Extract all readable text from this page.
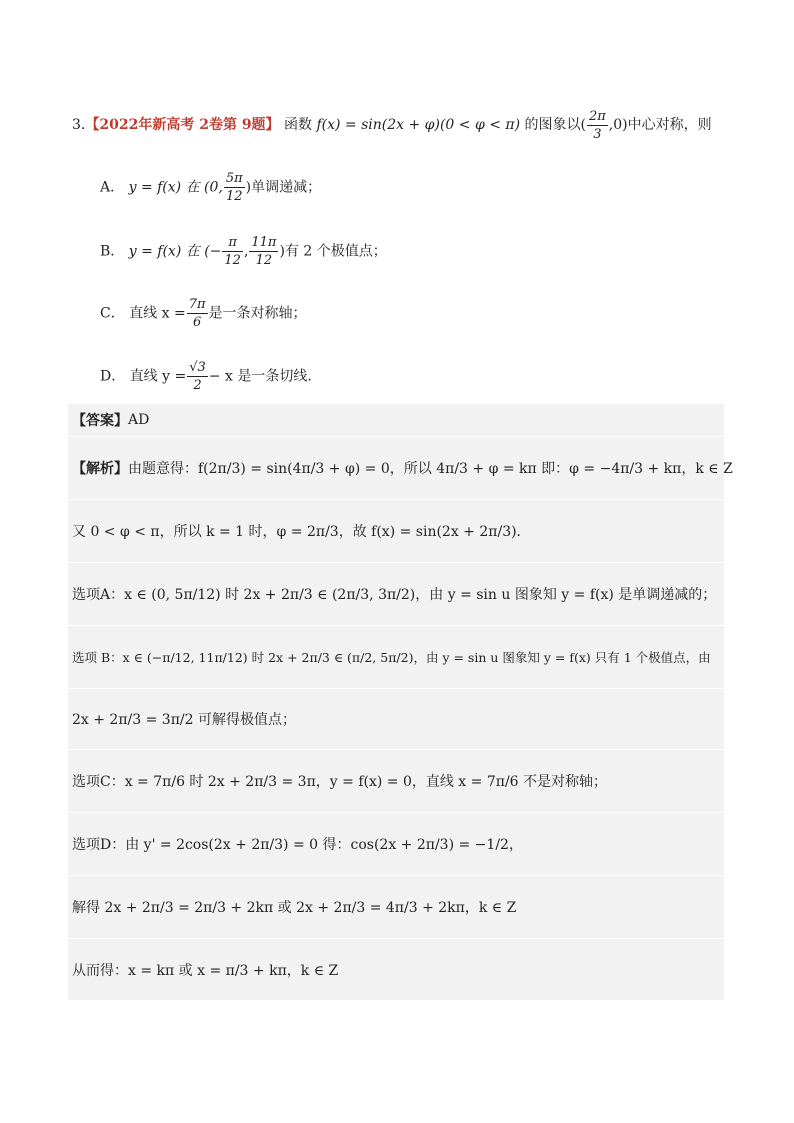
3.【2022年新高考 2卷第 9题】 函数 f(x) = sin(2x + φ)(0 < φ < π) 的图象以( $\frac{2\pi}{3} ,0$)中心对称，则
A． y = f(x) 在 (0, $\frac{5\pi}{12}$ )单调递减；
B． y = f(x) 在 (− $\frac{\pi}{12}$ , $\frac{11\pi}{12}$ )有 2 个极值点；
C． 直线 $x = \frac{7\pi}{6}$ 是一条对称轴；
D． 直线 $y = \frac{√3}{2} - x$ 是一条切线.
【答案】 AD
【解析】 由题意得：f(2π/3) = sin(4π/3 + φ) = 0，所以 4π/3 + φ = kπ 即：φ = −4π/3 + kπ，k ∈ Z
又 0 < φ < π，所以 k = 1 时，φ = 2π/3，故 f(x) = sin(2x + 2π/3)．
选项A：x ∈ (0, 5π/12) 时 2x + 2π/3 ∈ (2π/3, 3π/2)，由 y = sin u 图象知 y = f(x) 是单调递减的；
选项 B：x ∈ (−π/12, 11π/12) 时 2x + 2π/3 ∈ (π/2, 5π/2)，由 y = sin u 图象知 y = f(x) 只有 1 个极值点，由
2x + 2π/3 = 3π/2 可解得极值点；
选项C：x = 7π/6 时 2x + 2π/3 = 3π，y = f(x) = 0，直线 x = 7π/6 不是对称轴；
选项D：由 y' = 2cos(2x + 2π/3) = 0 得：cos(2x + 2π/3) = −1/2，
解得 2x + 2π/3 = 2π/3 + 2kπ 或 2x + 2π/3 = 4π/3 + 2kπ，k ∈ Z
从而得：x = kπ 或 x = π/3 + kπ，k ∈ Z
